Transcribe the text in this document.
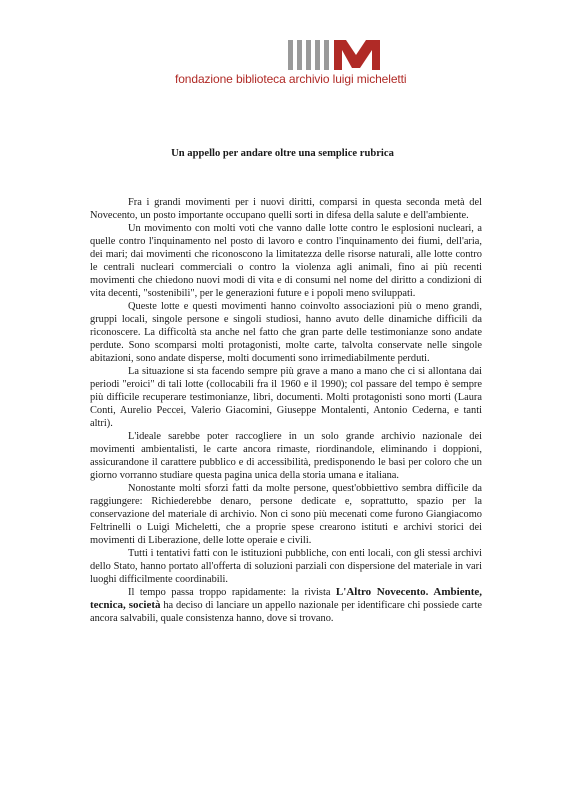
fondazione biblioteca archivio luigi micheletti
Un appello per andare oltre una semplice rubrica

Fra i grandi movimenti per i nuovi diritti, comparsi in questa seconda metà del Novecento, un posto importante occupano quelli sorti in difesa della salute e dell'ambiente.

Un movimento con molti voti che vanno dalle lotte contro le esplosioni nucleari, a quelle contro l'inquinamento nel posto di lavoro e contro l'inquinamento dei fiumi, dell'aria, dei mari; dai movimenti che riconoscono la limitatezza delle risorse naturali, alle lotte contro le centrali nucleari commerciali o contro la violenza agli animali, fino ai più recenti movimenti che chiedono nuovi modi di vita e di consumi nel nome del diritto a condizioni di vita decenti, "sostenibili", per le generazioni future e i popoli meno sviluppati.

Queste lotte e questi movimenti hanno coinvolto associazioni più o meno grandi, gruppi locali, singole persone e singoli studiosi, hanno avuto delle dinamiche difficili da riconoscere. La difficoltà sta anche nel fatto che gran parte delle testimonianze sono andate perdute. Sono scomparsi molti protagonisti, molte carte, talvolta conservate nelle singole abitazioni, sono andate disperse, molti documenti sono irrimediabilmente perduti.

La situazione si sta facendo sempre più grave a mano a mano che ci si allontana dai periodi "eroici" di tali lotte (collocabili fra il 1960 e il 1990); col passare del tempo è sempre più difficile recuperare testimonianze, libri, documenti. Molti protagonisti sono morti (Laura Conti, Aurelio Peccei, Valerio Giacomini, Giuseppe Montalenti, Antonio Cederna, e tanti altri).

L'ideale sarebbe poter raccogliere in un solo grande archivio nazionale dei movimenti ambientalisti, le carte ancora rimaste, riordinandole, eliminando i doppioni, assicurandone il carattere pubblico e di accessibilità, predisponendo le basi per coloro che un giorno vorranno studiare questa pagina unica della storia umana e italiana.

Nonostante molti sforzi fatti da molte persone, quest'obbiettivo sembra difficile da raggiungere: Richiederebbe denaro, persone dedicate e, soprattutto, spazio per la conservazione del materiale di archivio. Non ci sono più mecenati come furono Giangiacomo Feltrinelli o Luigi Micheletti, che a proprie spese crearono istituti e archivi storici dei movimenti di Liberazione, delle lotte operaie e civili.

Tutti i tentativi fatti con le istituzioni pubbliche, con enti locali, con gli stessi archivi dello Stato, hanno portato all'offerta di soluzioni parziali con dispersione del materiale in vari luoghi difficilmente coordinabili.

Il tempo passa troppo rapidamente: la rivista L'Altro Novecento. Ambiente, tecnica, società ha deciso di lanciare un appello nazionale per identificare chi possiede carte ancora salvabili, quale consistenza hanno, dove si trovano.
